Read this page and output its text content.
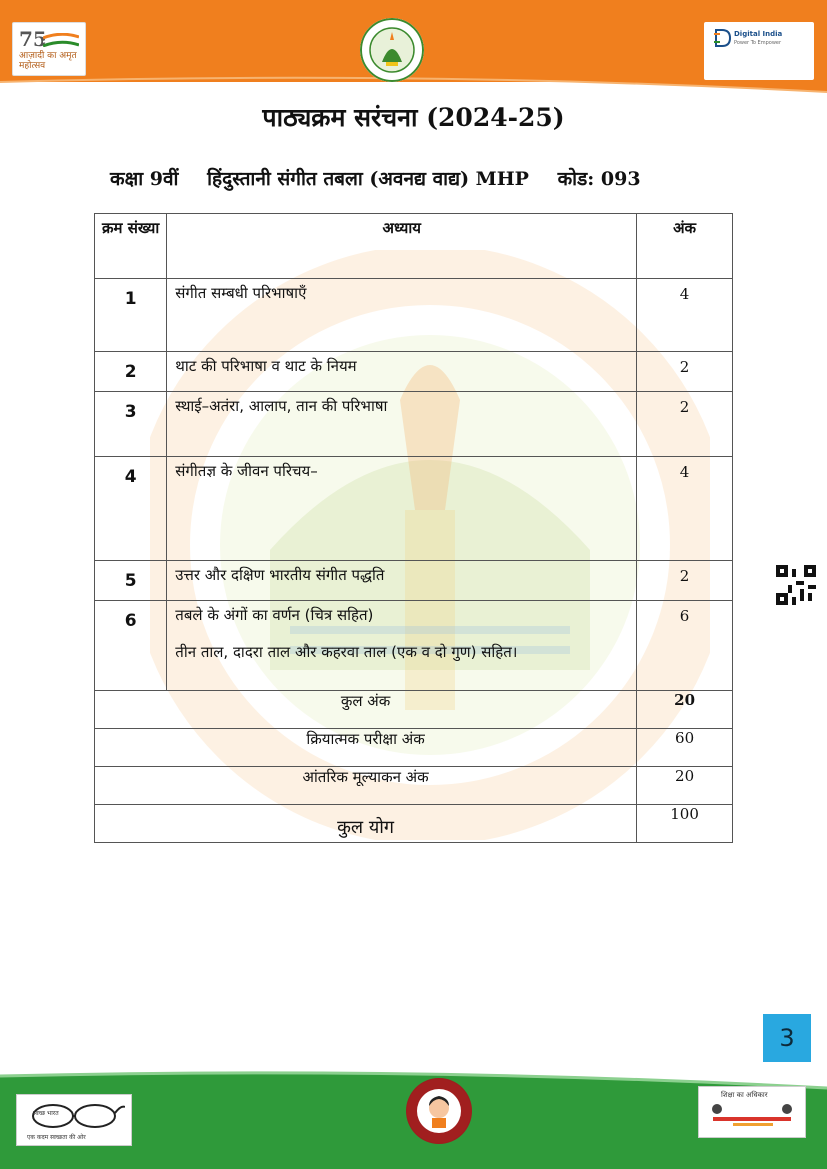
75
आज़ादी का अमृत महोत्सव
Digital India
Power To Empower
पाठ्यक्रम सरंचना (2024-25)
कक्षा 9वीं हिंदुस्तानी संगीत तबला (अवनद्य वाद्य) MHP कोड: 093
क्रम संख्या	अध्याय	अंक

1	संगीत सम्बधी परिभाषाएँ	4

2	थाट की परिभाषा व थाट के नियम	2

3	स्थाई–अतंरा, आलाप, तान की परिभाषा	2

4	संगीतज्ञ के जीवन परिचय–	4

5	उत्तर और दक्षिण भारतीय संगीत पद्धति	2

6	तबले के अंगों का वर्णन (चित्र सहित)
तीन ताल, दादरा ताल और कहरवा ताल (एक व दो गुण) सहित।	6

कुल अंक		20
क्रियात्मक परीक्षा अंक		60
आंतरिक मूल्याकन अंक		20
कुल योग		100
3
स्वच्छ भारत
एक कदम स्वच्छता की ओर
शिक्षा का अधिकार
